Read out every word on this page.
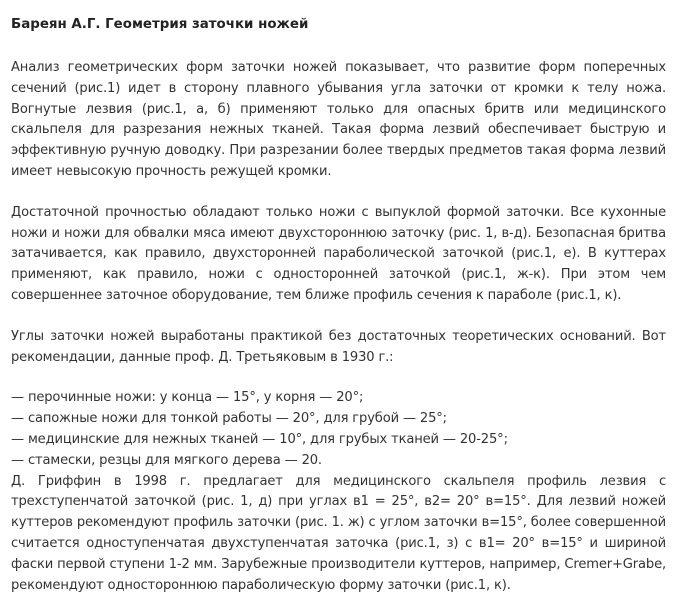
Бареян А.Г. Геометрия заточки ножей

Анализ геометрических форм заточки ножей показывает, что развитие форм поперечных сечений (рис.1) идет в сторону плавного убывания угла заточки от кромки к телу ножа. Вогнутые лезвия (рис.1, а, б) применяют только для опасных бритв или медицинского скальпеля для разрезания нежных тканей. Такая форма лезвий обеспечивает быструю и эффективную ручную доводку. При разрезании более твердых предметов такая форма лезвий имеет невысокую прочность режущей кромки.

Достаточной прочностью обладают только ножи с выпуклой формой заточки. Все кухонные ножи и ножи для обвалки мяса имеют двухстороннюю заточку (рис. 1, в-д). Безопасная бритва затачивается, как правило, двухсторонней параболической заточкой (рис.1, е). В куттерах применяют, как правило, ножи с односторонней заточкой (рис.1, ж-к). При этом чем совершеннее заточное оборудование, тем ближе профиль сечения к параболе (рис.1, к).

Углы заточки ножей выработаны практикой без достаточных теоретических оснований. Вот рекомендации, данные проф. Д. Третьяковым в 1930 г.:

— перочинные ножи: у конца — 15°, у корня — 20°;
— сапожные ножи для тонкой работы — 20°, для грубой — 25°;
— медицинские для нежных тканей — 10°, для грубых тканей — 20-25°;
— стамески, резцы для мягкого дерева — 20.

Д. Гриффин в 1998 г. предлагает для медицинского скальпеля профиль лезвия с трехступенчатой заточкой (рис. 1, д) при углах в1 = 25°, в2= 20° в=15°. Для лезвий ножей куттеров рекомендуют профиль заточки (рис. 1. ж) с углом заточки в=15°, более совершенной считается одноступенчатая двухступенчатая заточка (рис.1, з) с в1= 20° в=15° и шириной фаски первой ступени 1-2 мм. Зарубежные производители куттеров, например, Cremer+Grabe, рекомендуют одностороннюю параболическую форму заточки (рис.1, к).
